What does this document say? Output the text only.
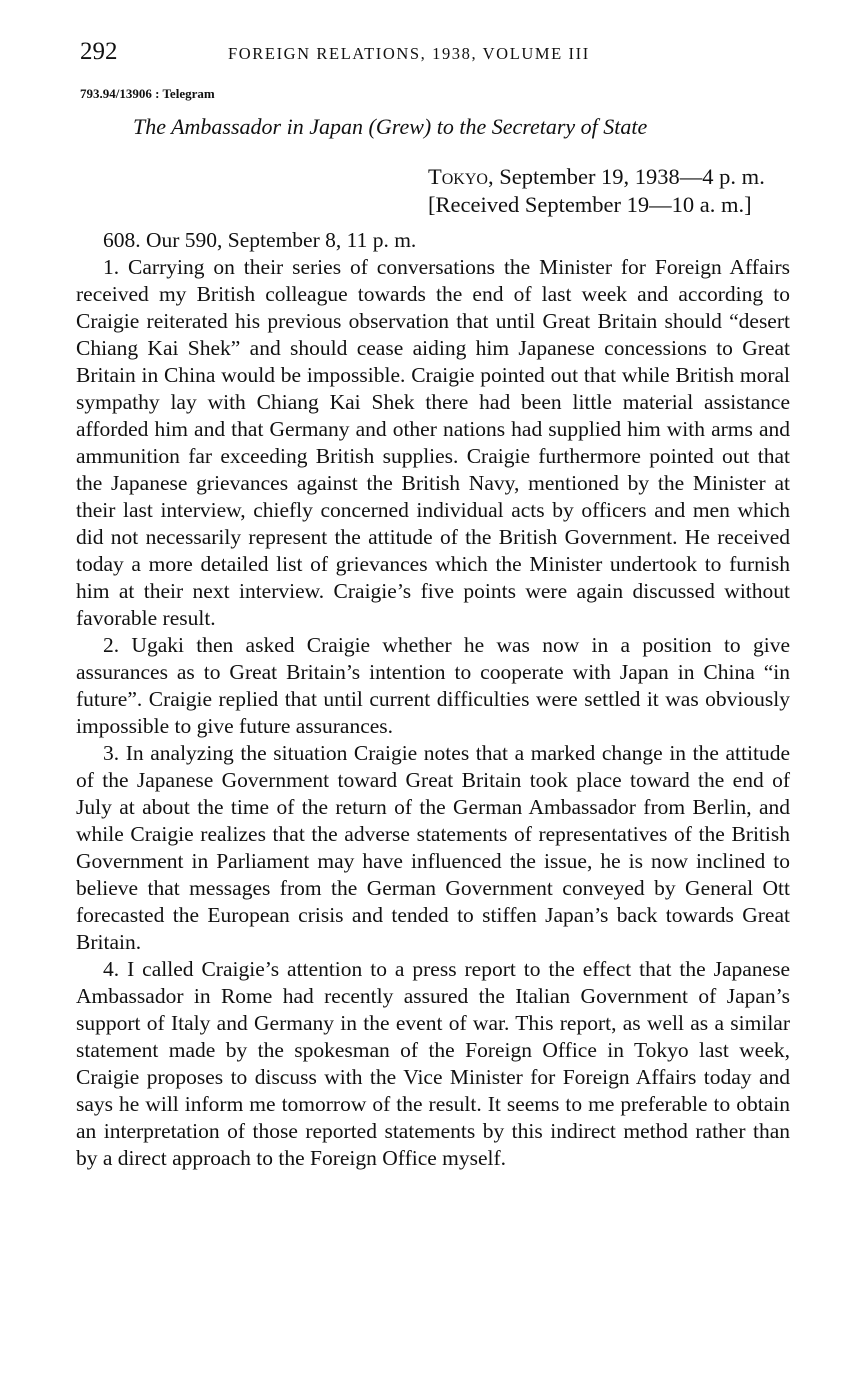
292	FOREIGN RELATIONS, 1938, VOLUME III
793.94/13906 : Telegram
The Ambassador in Japan (Grew) to the Secretary of State
Tokyo, September 19, 1938—4 p. m.
[Received September 19—10 a. m.]

608. Our 590, September 8, 11 p. m.

1. Carrying on their series of conversations the Minister for Foreign Affairs received my British colleague towards the end of last week and according to Craigie reiterated his previous observation that until Great Britain should “desert Chiang Kai Shek” and should cease aiding him Japanese concessions to Great Britain in China would be impossible. Craigie pointed out that while British moral sympathy lay with Chiang Kai Shek there had been little material assistance afforded him and that Germany and other nations had supplied him with arms and ammunition far exceeding British supplies. Craigie furthermore pointed out that the Japanese grievances against the British Navy, mentioned by the Minister at their last interview, chiefly concerned individual acts by officers and men which did not necessarily represent the attitude of the British Government. He received today a more detailed list of grievances which the Minister undertook to furnish him at their next interview. Craigie’s five points were again discussed without favorable result.

2. Ugaki then asked Craigie whether he was now in a position to give assurances as to Great Britain’s intention to cooperate with Japan in China “in future”. Craigie replied that until current difficulties were settled it was obviously impossible to give future assurances.

3. In analyzing the situation Craigie notes that a marked change in the attitude of the Japanese Government toward Great Britain took place toward the end of July at about the time of the return of the German Ambassador from Berlin, and while Craigie realizes that the adverse statements of representatives of the British Government in Parliament may have influenced the issue, he is now inclined to believe that messages from the German Government conveyed by General Ott forecasted the European crisis and tended to stiffen Japan’s back towards Great Britain.

4. I called Craigie’s attention to a press report to the effect that the Japanese Ambassador in Rome had recently assured the Italian Government of Japan’s support of Italy and Germany in the event of war. This report, as well as a similar statement made by the spokesman of the Foreign Office in Tokyo last week, Craigie proposes to discuss with the Vice Minister for Foreign Affairs today and says he will inform me tomorrow of the result. It seems to me preferable to obtain an interpretation of those reported statements by this indirect method rather than by a direct approach to the Foreign Office myself.
